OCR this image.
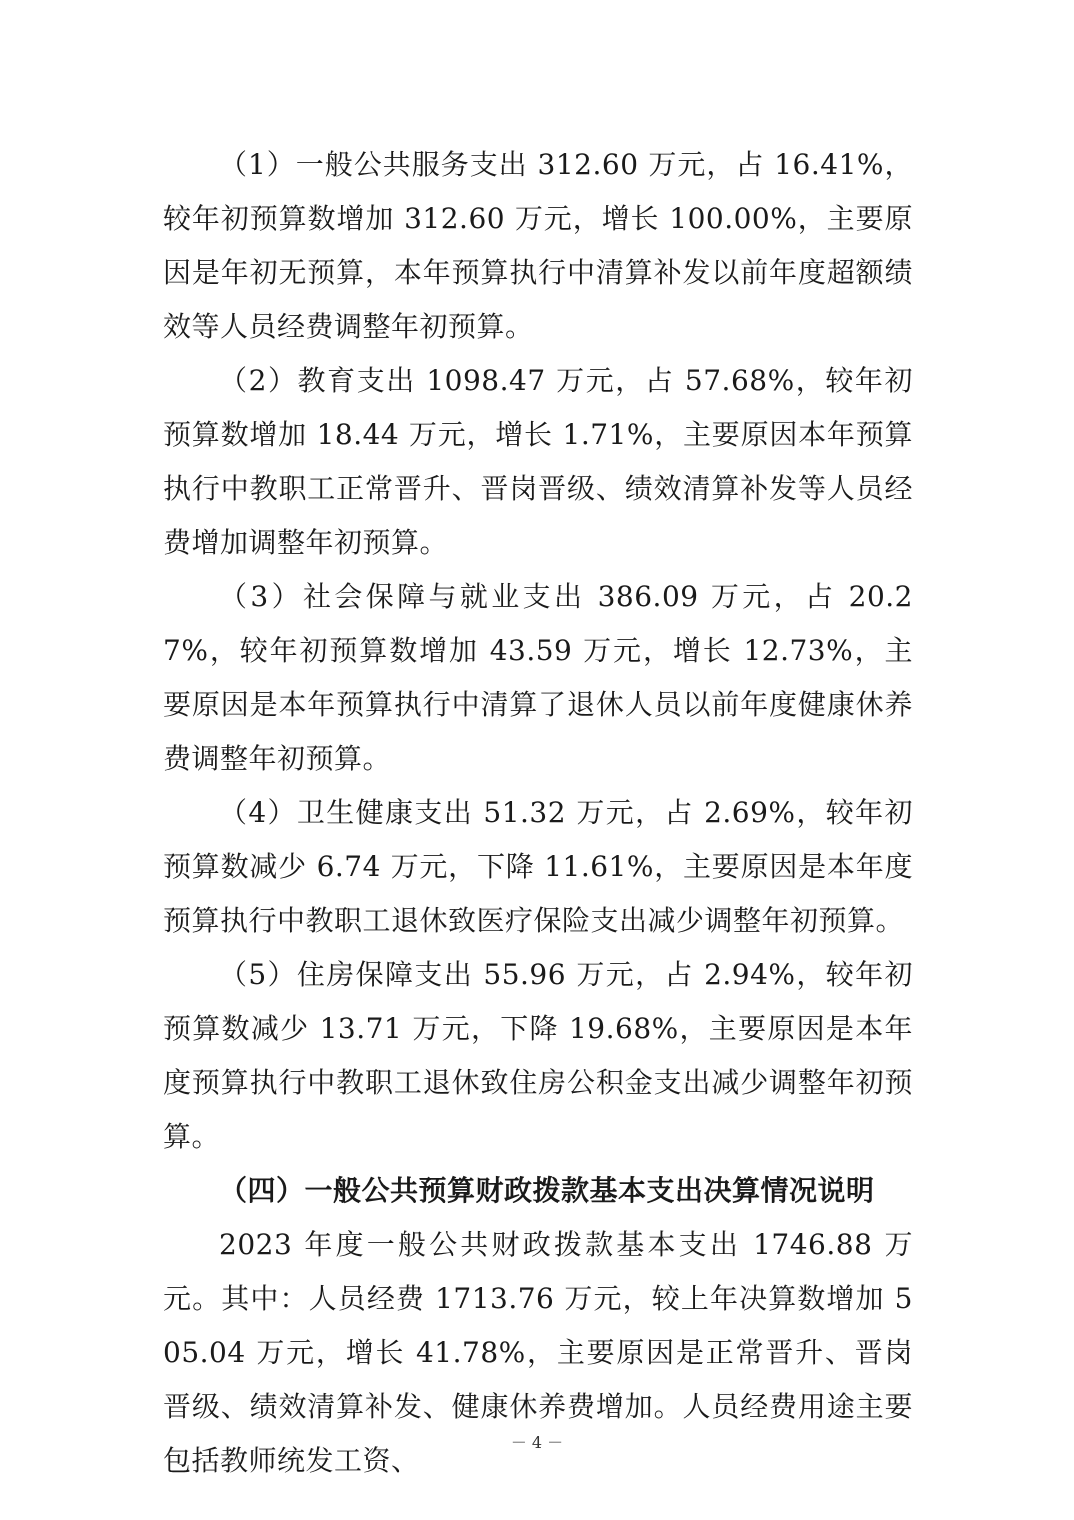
（1）一般公共服务支出 312.60 万元，占 16.41%，较年初预算数增加 312.60 万元，增长 100.00%，主要原因是年初无预算，本年预算执行中清算补发以前年度超额绩效等人员经费调整年初预算。

（2）教育支出 1098.47 万元，占 57.68%，较年初预算数增加 18.44 万元，增长 1.71%，主要原因本年预算执行中教职工正常晋升、晋岗晋级、绩效清算补发等人员经费增加调整年初预算。

（3）社会保障与就业支出 386.09 万元，占 20.27%，较年初预算数增加 43.59 万元，增长 12.73%，主要原因是本年预算执行中清算了退休人员以前年度健康休养费调整年初预算。

（4）卫生健康支出 51.32 万元，占 2.69%，较年初预算数减少 6.74 万元，下降 11.61%，主要原因是本年度预算执行中教职工退休致医疗保险支出减少调整年初预算。

（5）住房保障支出 55.96 万元，占 2.94%，较年初预算数减少 13.71 万元，下降 19.68%，主要原因是本年度预算执行中教职工退休致住房公积金支出减少调整年初预算。

（四）一般公共预算财政拨款基本支出决算情况说明

2023 年度一般公共财政拨款基本支出 1746.88 万元。其中：人员经费 1713.76 万元，较上年决算数增加 505.04 万元，增长 41.78%，主要原因是正常晋升、晋岗晋级、绩效清算补发、健康休养费增加。人员经费用途主要包括教师统发工资、

－ 4 －
